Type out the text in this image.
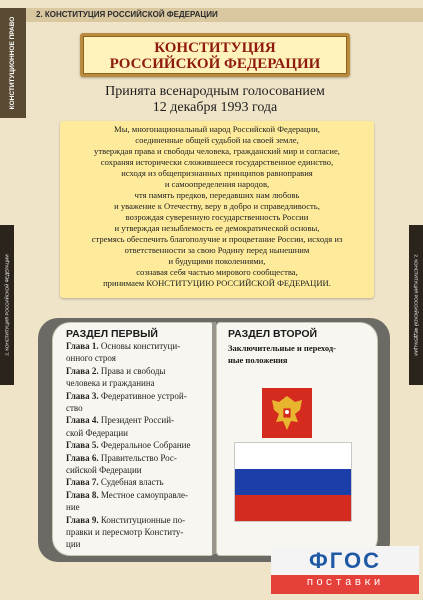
КОНСТИТУЦИОННОЕ ПРАВО
2. КОНСТИТУЦИЯ РОССИЙСКОЙ ФЕДЕРАЦИИ	2. КОНСТИТУЦИЯ РОССИЙСКОЙ ФЕДЕРАЦИИ
2. КОНСТИТУЦИЯ РОССИЙСКОЙ ФЕДЕРАЦИИ
КОНСТИТУЦИЯ
РОССИЙСКОЙ ФЕДЕРАЦИИ
Принята всенародным голосованием
12 декабря 1993 года
Мы, многонациональный народ Российской Федерации,
соединенные общей судьбой на своей земле,
утверждая права и свободы человека, гражданский мир и согласие,
сохраняя исторически сложившееся государственное единство,
исходя из общепризнанных принципов равноправия
и самоопределения народов,
чтя память предков, передавших нам любовь
и уважение к Отечеству, веру в добро и справедливость,
возрождая суверенную государственность России
и утверждая незыблемость ее демократической основы,
стремясь обеспечить благополучие и процветание России, исходя из
ответственности за свою Родину перед нынешним
и будущими поколениями,
сознавая себя частью мирового сообщества,
принимаем КОНСТИТУЦИЮ РОССИЙСКОЙ ФЕДЕРАЦИИ.
РАЗДЕЛ ПЕРВЫЙ
Глава 1. Основы конституци-
онного строя
Глава 2. Права и свободы
человека и гражданина
Глава 3. Федеративное устрой-
ство
Глава 4. Президент Россий-
ской Федерации
Глава 5. Федеральное Собрание
Глава 6. Правительство Рос-
сийской Федерации
Глава 7. Судебная власть
Глава 8. Местное самоуправле-
ние
Глава 9. Конституционные по-
правки и пересмотр Конститу-
ции
РАЗДЕЛ ВТОРОЙ
Заключительные и переход-
ные положения
ФГОС
поставки
